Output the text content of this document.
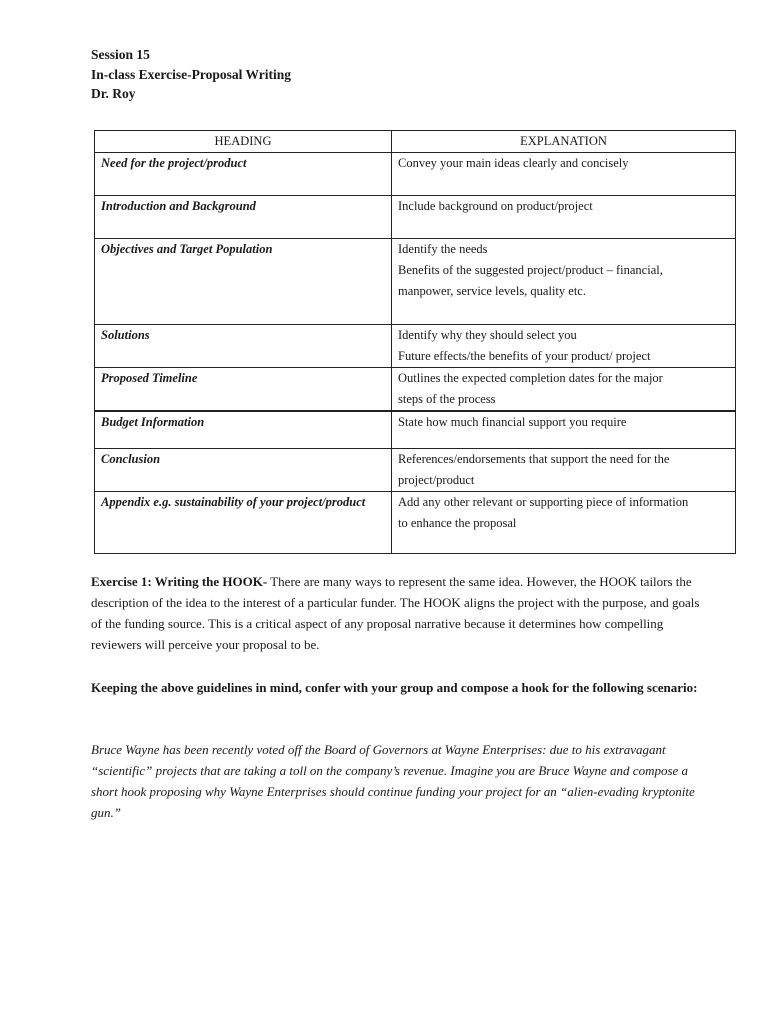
Session 15
In-class Exercise-Proposal Writing
Dr. Roy
HEADING	EXPLANATION
Need for the project/product	Convey your main ideas clearly and concisely

Introduction and Background	Include background on product/project

Objectives and Target Population	Identify the needs
Benefits of the suggested project/product – financial,
manpower, service levels, quality etc.

Solutions	Identify why they should select you
Future effects/the benefits of your product/ project

Proposed Timeline	Outlines the expected completion dates for the major
steps of the process

Budget Information	State how much financial support you require

Conclusion	References/endorsements that support the need for the
project/product

Appendix e.g. sustainability of your project/product	Add any other relevant or supporting piece of information
to enhance the proposal
Exercise 1: Writing the HOOK- There are many ways to represent the same idea. However, the HOOK tailors the description of the idea to the interest of a particular funder. The HOOK aligns the project with the purpose, and goals of the funding source. This is a critical aspect of any proposal narrative because it determines how compelling reviewers will perceive your proposal to be.
Keeping the above guidelines in mind, confer with your group and compose a hook for the following scenario:
Bruce Wayne has been recently voted off the Board of Governors at Wayne Enterprises: due to his extravagant “scientific” projects that are taking a toll on the company’s revenue. Imagine you are Bruce Wayne and compose a short hook proposing why Wayne Enterprises should continue funding your project for an “alien-evading kryptonite gun.”
